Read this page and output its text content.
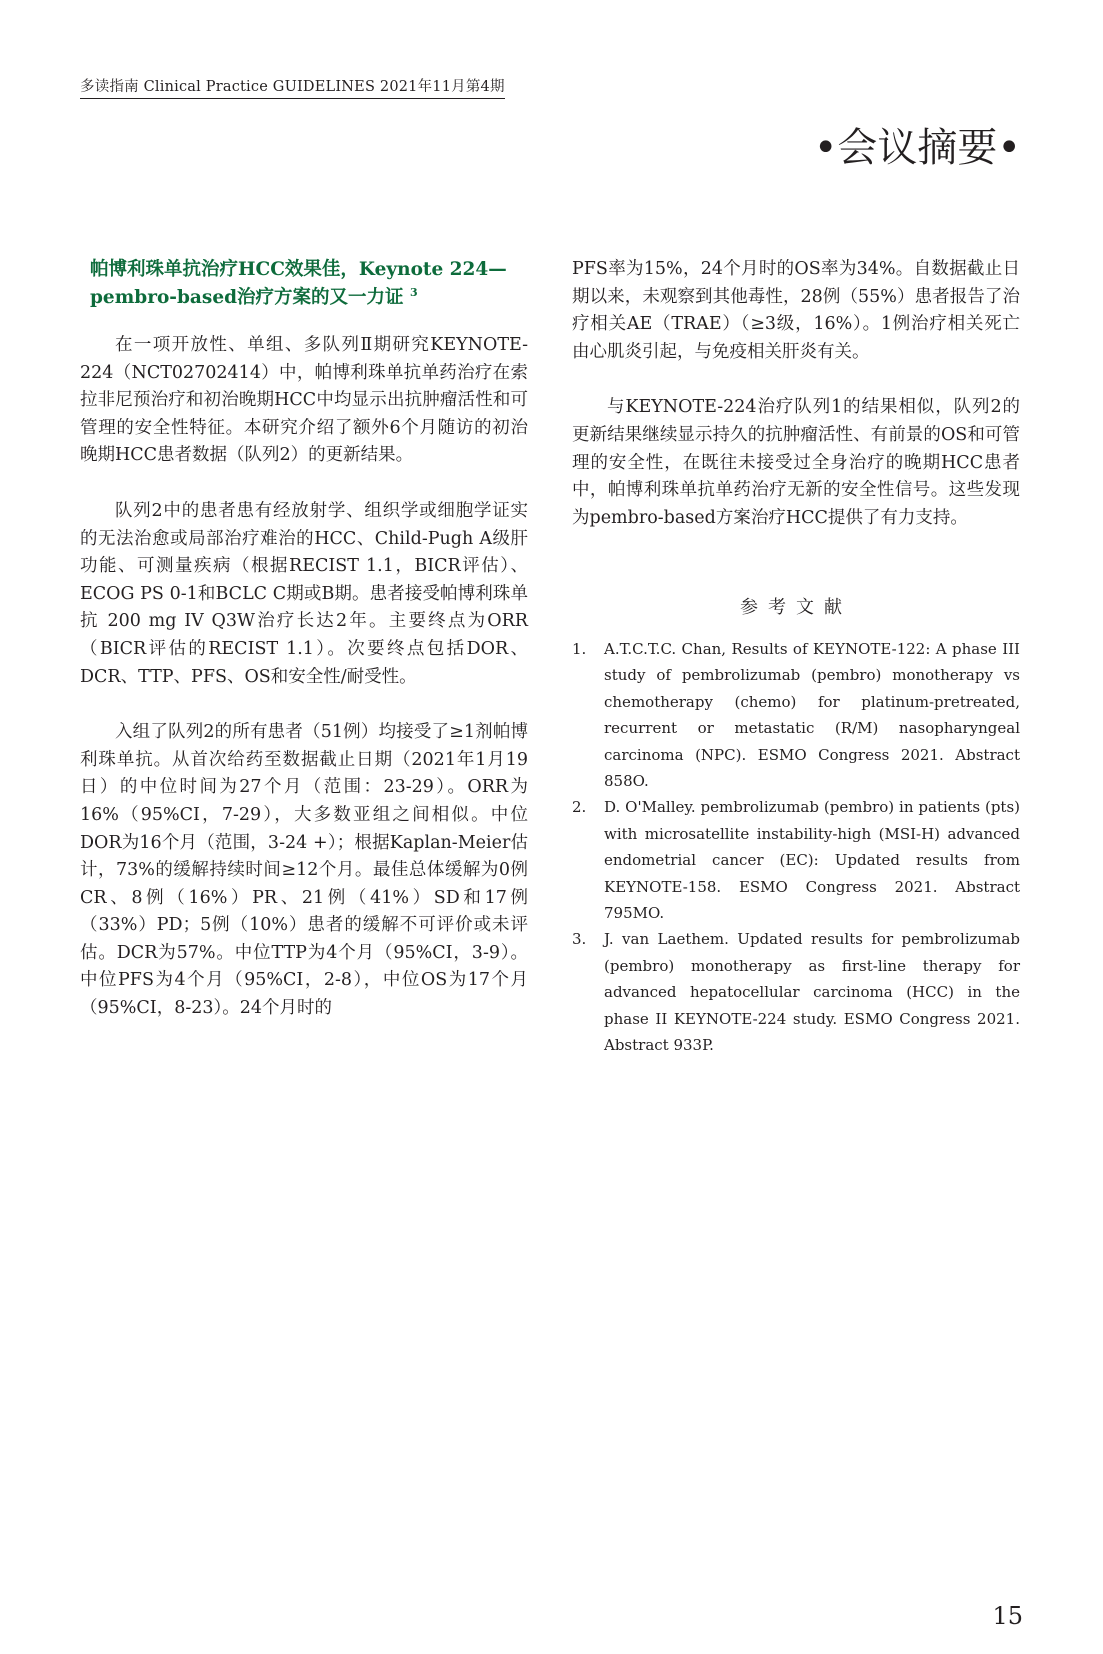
多读指南 Clinical Practice GUIDELINES 2021年11月第4期
•会议摘要•
帕博利珠单抗治疗HCC效果佳，Keynote 224—pembro-based治疗方案的又一力证 $^3$

在一项开放性、单组、多队列Ⅱ期研究KEYNOTE-224（NCT02702414）中，帕博利珠单抗单药治疗在索拉非尼预治疗和初治晚期HCC中均显示出抗肿瘤活性和可管理的安全性特征。本研究介绍了额外6个月随访的初治晚期HCC患者数据（队列2）的更新结果。

队列2中的患者患有经放射学、组织学或细胞学证实的无法治愈或局部治疗难治的HCC、Child-Pugh A级肝功能、可测量疾病（根据RECIST 1.1，BICR评估）、ECOG PS 0-1和BCLC C期或B期。患者接受帕博利珠单抗 200 mg IV Q3W治疗长达2年。主要终点为ORR（BICR评估的RECIST 1.1）。次要终点包括DOR、DCR、TTP、PFS、OS和安全性/耐受性。

入组了队列2的所有患者（51例）均接受了≥1剂帕博利珠单抗。从首次给药至数据截止日期（2021年1月19日）的中位时间为27个月（范围：23-29）。ORR为16%（95%CI，7-29），大多数亚组之间相似。中位DOR为16个月（范围，3-24 +）；根据Kaplan-Meier估计，73%的缓解持续时间≥12个月。最佳总体缓解为0例CR、8例（16%）PR、21例（41%）SD和17例（33%）PD；5例（10%）患者的缓解不可评价或未评估。DCR为57%。中位TTP为4个月（95%CI，3-9）。中位PFS为4个月（95%CI，2-8），中位OS为17个月（95%CI，8-23）。24个月时的

PFS率为15%，24个月时的OS率为34%。自数据截止日期以来，未观察到其他毒性，28例（55%）患者报告了治疗相关AE（TRAE）（≥3级，16%）。1例治疗相关死亡由心肌炎引起，与免疫相关肝炎有关。

与KEYNOTE-224治疗队列1的结果相似，队列2的更新结果继续显示持久的抗肿瘤活性、有前景的OS和可管理的安全性，在既往未接受过全身治疗的晚期HCC患者中，帕博利珠单抗单药治疗无新的安全性信号。这些发现为pembro-based方案治疗HCC提供了有力支持。

参考文献
1.	A.T.C.T.C. Chan, Results of KEYNOTE-122: A phase III study of pembrolizumab (pembro) monotherapy vs chemotherapy (chemo) for platinum-pretreated, recurrent or metastatic (R/M) nasopharyngeal carcinoma (NPC). ESMO Congress 2021. Abstract 858O.
2.	D. O'Malley. pembrolizumab (pembro) in patients (pts) with microsatellite instability-high (MSI-H) advanced endometrial cancer (EC): Updated results from KEYNOTE-158. ESMO Congress 2021. Abstract 795MO.
3.	J. van Laethem. Updated results for pembrolizumab (pembro) monotherapy as first-line therapy for advanced hepatocellular carcinoma (HCC) in the phase II KEYNOTE-224 study. ESMO Congress 2021. Abstract 933P.
15
